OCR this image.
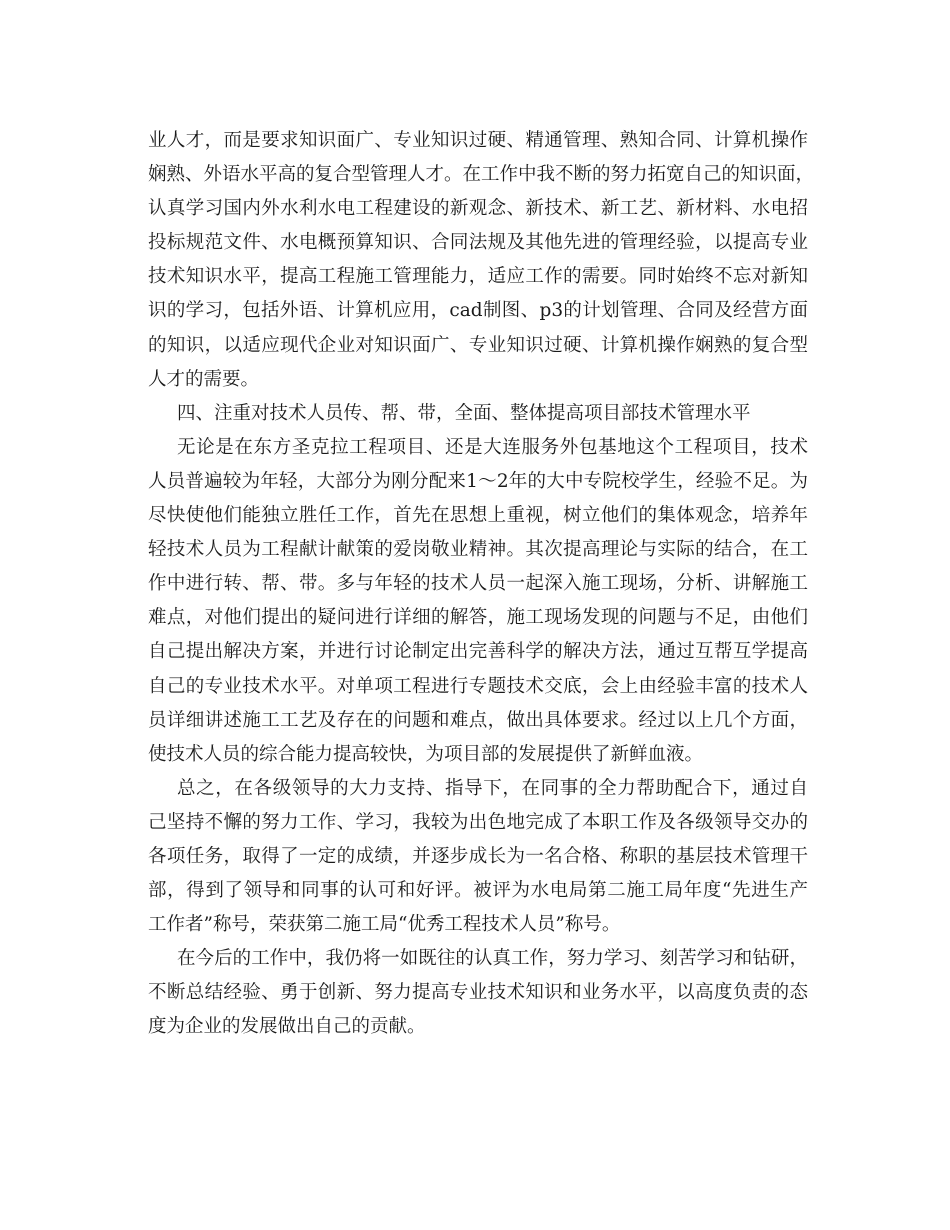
业人才，而是要求知识面广、专业知识过硬、精通管理、熟知合同、计算机操作
娴熟、外语水平高的复合型管理人才。在工作中我不断的努力拓宽自己的知识面，
认真学习国内外水利水电工程建设的新观念、新技术、新工艺、新材料、水电招
投标规范文件、水电概预算知识、合同法规及其他先进的管理经验，以提高专业
技术知识水平，提高工程施工管理能力，适应工作的需要。同时始终不忘对新知
识的学习，包括外语、计算机应用，cad制图、p3的计划管理、合同及经营方面
的知识，以适应现代企业对知识面广、专业知识过硬、计算机操作娴熟的复合型
人才的需要。
四、注重对技术人员传、帮、带，全面、整体提高项目部技术管理水平
无论是在东方圣克拉工程项目、还是大连服务外包基地这个工程项目，技术
人员普遍较为年轻，大部分为刚分配来1～2年的大中专院校学生，经验不足。为
尽快使他们能独立胜任工作，首先在思想上重视，树立他们的集体观念，培养年
轻技术人员为工程献计献策的爱岗敬业精神。其次提高理论与实际的结合，在工
作中进行转、帮、带。多与年轻的技术人员一起深入施工现场，分析、讲解施工
难点，对他们提出的疑问进行详细的解答，施工现场发现的问题与不足，由他们
自己提出解决方案，并进行讨论制定出完善科学的解决方法，通过互帮互学提高
自己的专业技术水平。对单项工程进行专题技术交底，会上由经验丰富的技术人
员详细讲述施工工艺及存在的问题和难点，做出具体要求。经过以上几个方面，
使技术人员的综合能力提高较快，为项目部的发展提供了新鲜血液。
总之，在各级领导的大力支持、指导下，在同事的全力帮助配合下，通过自
己坚持不懈的努力工作、学习，我较为出色地完成了本职工作及各级领导交办的
各项任务，取得了一定的成绩，并逐步成长为一名合格、称职的基层技术管理干
部，得到了领导和同事的认可和好评。被评为水电局第二施工局年度“先进生产
工作者”称号，荣获第二施工局“优秀工程技术人员”称号。
在今后的工作中，我仍将一如既往的认真工作，努力学习、刻苦学习和钻研，
不断总结经验、勇于创新、努力提高专业技术知识和业务水平，以高度负责的态
度为企业的发展做出自己的贡献。
